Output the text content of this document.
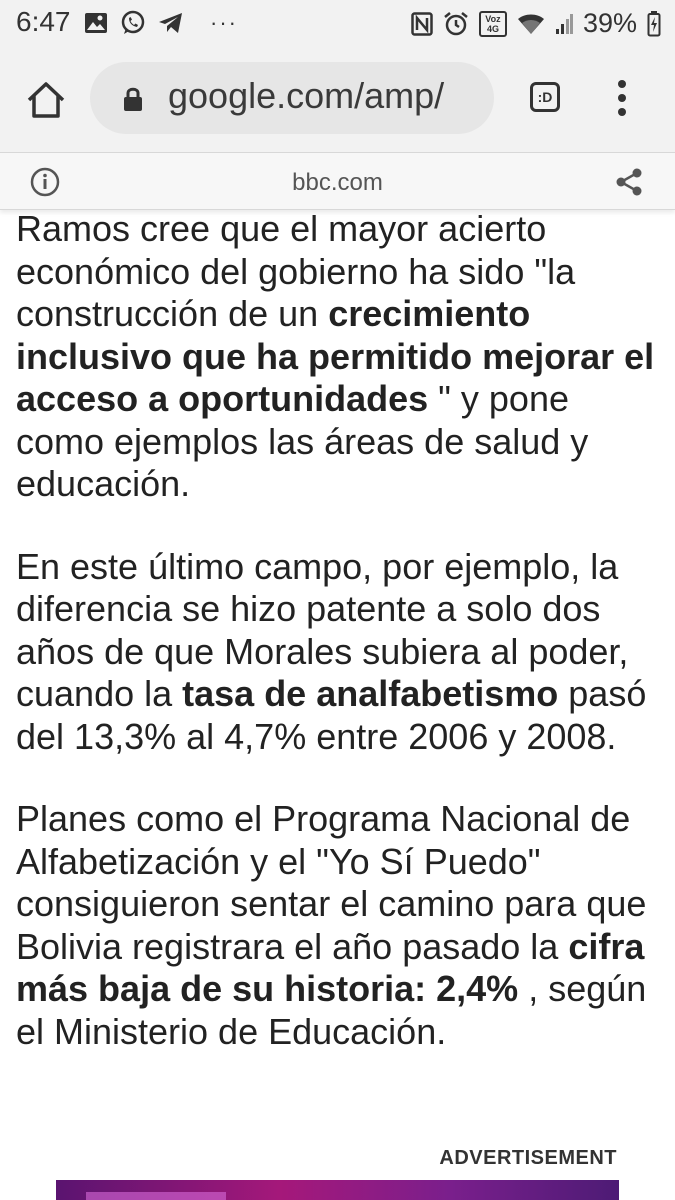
6:47	···	Voz
4G	39%
google.com/amp/	:D
bbc.com

Ramos cree que el mayor acierto económico del gobierno ha sido "la construcción de un crecimiento inclusivo que ha permitido mejorar el acceso a oportunidades " y pone como ejemplos las áreas de salud y educación.

En este último campo, por ejemplo, la diferencia se hizo patente a solo dos años de que Morales subiera al poder, cuando la tasa de analfabetismo pasó del 13,3% al 4,7% entre 2006 y 2008.

Planes como el Programa Nacional de Alfabetización y el "Yo Sí Puedo" consiguieron sentar el camino para que Bolivia registrara el año pasado la cifra más baja de su historia: 2,4% , según el Ministerio de Educación.

ADVERTISEMENT
